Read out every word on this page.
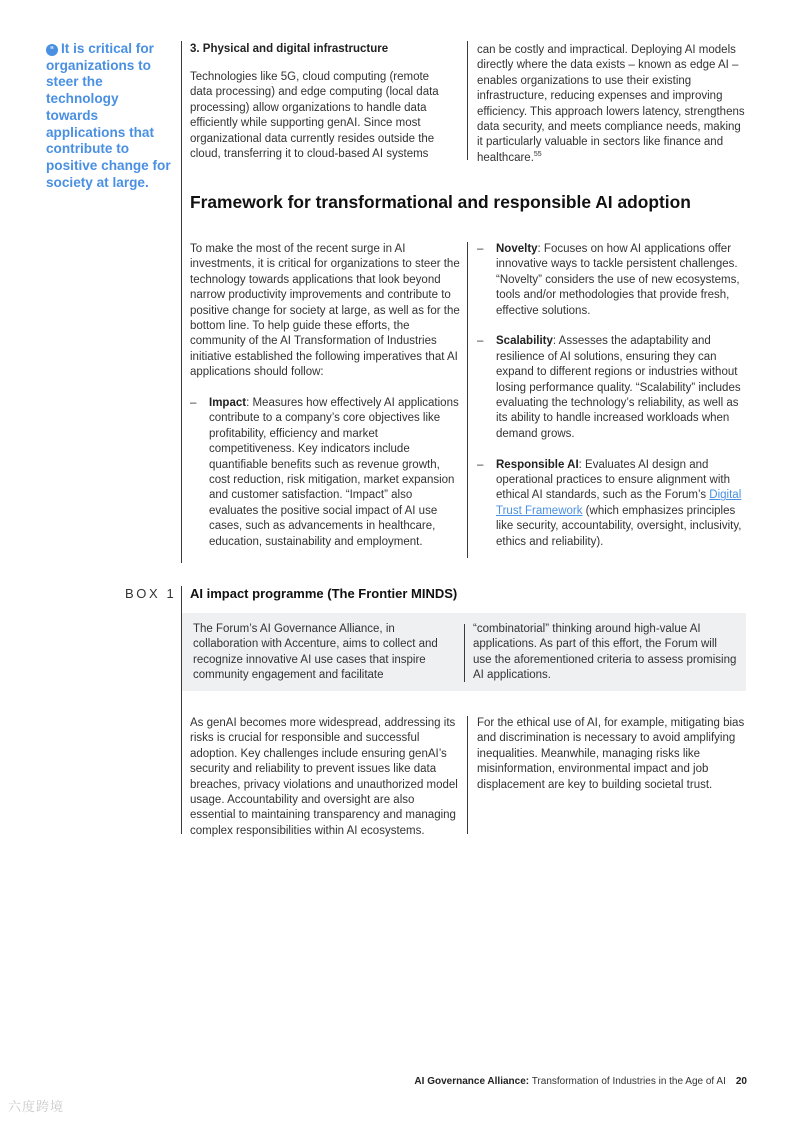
“ It is critical for organizations to steer the technology towards applications that contribute to positive change for society at large.

3. Physical and digital infrastructure

Technologies like 5G, cloud computing (remote data processing) and edge computing (local data processing) allow organizations to handle data efficiently while supporting genAI. Since most organizational data currently resides outside the cloud, transferring it to cloud-based AI systems

can be costly and impractical. Deploying AI models directly where the data exists – known as edge AI – enables organizations to use their existing infrastructure, reducing expenses and improving efficiency. This approach lowers latency, strengthens data security, and meets compliance needs, making it particularly valuable in sectors like finance and healthcare.$^{55}$

Framework for transformational and responsible AI adoption

To make the most of the recent surge in AI investments, it is critical for organizations to steer the technology towards applications that look beyond narrow productivity improvements and contribute to positive change for society at large, as well as for the bottom line. To help guide these efforts, the community of the AI Transformation of Industries initiative established the following imperatives that AI applications should follow:

– Impact: Measures how effectively AI applications contribute to a company’s core objectives like profitability, efficiency and market competitiveness. Key indicators include quantifiable benefits such as revenue growth, cost reduction, risk mitigation, market expansion and customer satisfaction. “Impact” also evaluates the positive social impact of AI use cases, such as advancements in healthcare, education, sustainability and employment.

– Novelty: Focuses on how AI applications offer innovative ways to tackle persistent challenges. “Novelty” considers the use of new ecosystems, tools and/or methodologies that provide fresh, effective solutions.

– Scalability: Assesses the adaptability and resilience of AI solutions, ensuring they can expand to different regions or industries without losing performance quality. “Scalability” includes evaluating the technology’s reliability, as well as its ability to handle increased workloads when demand grows.

– Responsible AI: Evaluates AI design and operational practices to ensure alignment with ethical AI standards, such as the Forum’s Digital Trust Framework (which emphasizes principles like security, accountability, oversight, inclusivity, ethics and reliability).

BOX 1 AI impact programme (The Frontier MINDS)

The Forum’s AI Governance Alliance, in collaboration with Accenture, aims to collect and recognize innovative AI use cases that inspire community engagement and facilitate

“combinatorial” thinking around high-value AI applications. As part of this effort, the Forum will use the aforementioned criteria to assess promising AI applications.

As genAI becomes more widespread, addressing its risks is crucial for responsible and successful adoption. Key challenges include ensuring genAI’s security and reliability to prevent issues like data breaches, privacy violations and unauthorized model usage. Accountability and oversight are also essential to maintaining transparency and managing complex responsibilities within AI ecosystems.

For the ethical use of AI, for example, mitigating bias and discrimination is necessary to avoid amplifying inequalities. Meanwhile, managing risks like misinformation, environmental impact and job displacement are key to building societal trust.

AI Governance Alliance: Transformation of Industries in the Age of AI 20
六度跨境
